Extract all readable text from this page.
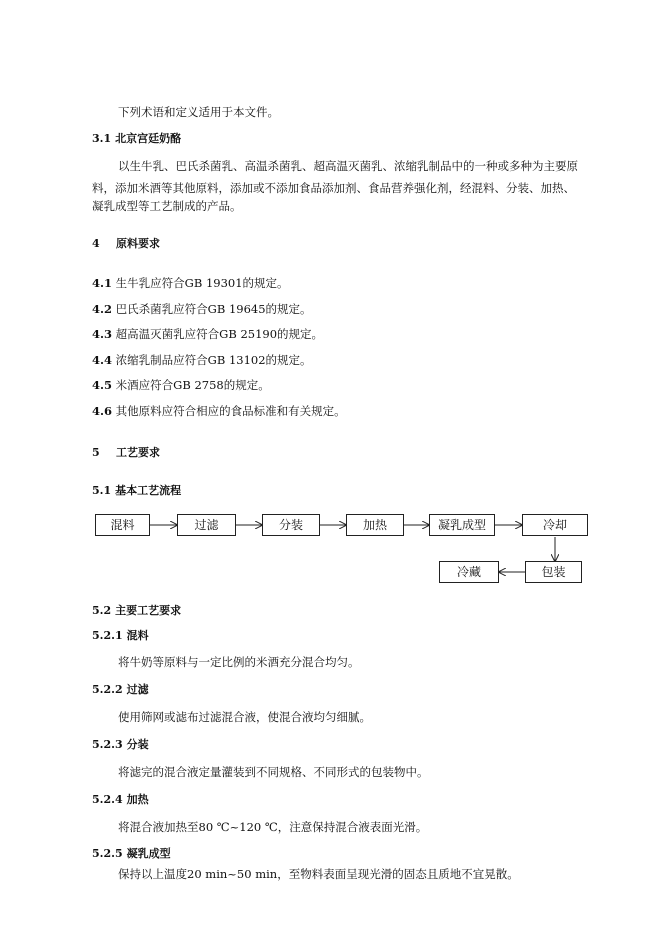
下列术语和定义适用于本文件。
3.1 北京宫廷奶酪
以生牛乳、巴氏杀菌乳、高温杀菌乳、超高温灭菌乳、浓缩乳制品中的一种或多种为主要原
料，添加米酒等其他原料，添加或不添加食品添加剂、食品营养强化剂，经混料、分装、加热、
凝乳成型等工艺制成的产品。
4 原料要求
4.1 生牛乳应符合GB 19301的规定。
4.2 巴氏杀菌乳应符合GB 19645的规定。
4.3 超高温灭菌乳应符合GB 25190的规定。
4.4 浓缩乳制品应符合GB 13102的规定。
4.5 米酒应符合GB 2758的规定。
4.6 其他原料应符合相应的食品标准和有关规定。
5 工艺要求
5.1 基本工艺流程
混料	过滤	分装	加热	凝乳成型	冷却
包装
冷藏
5.2 主要工艺要求
5.2.1 混料
将牛奶等原料与一定比例的米酒充分混合均匀。
5.2.2 过滤
使用筛网或滤布过滤混合液，使混合液均匀细腻。
5.2.3 分装
将滤完的混合液定量灌装到不同规格、不同形式的包装物中。
5.2.4 加热
将混合液加热至80 ℃~120 ℃，注意保持混合液表面光滑。
5.2.5 凝乳成型
保持以上温度20 min~50 min，至物料表面呈现光滑的固态且质地不宜晃散。
